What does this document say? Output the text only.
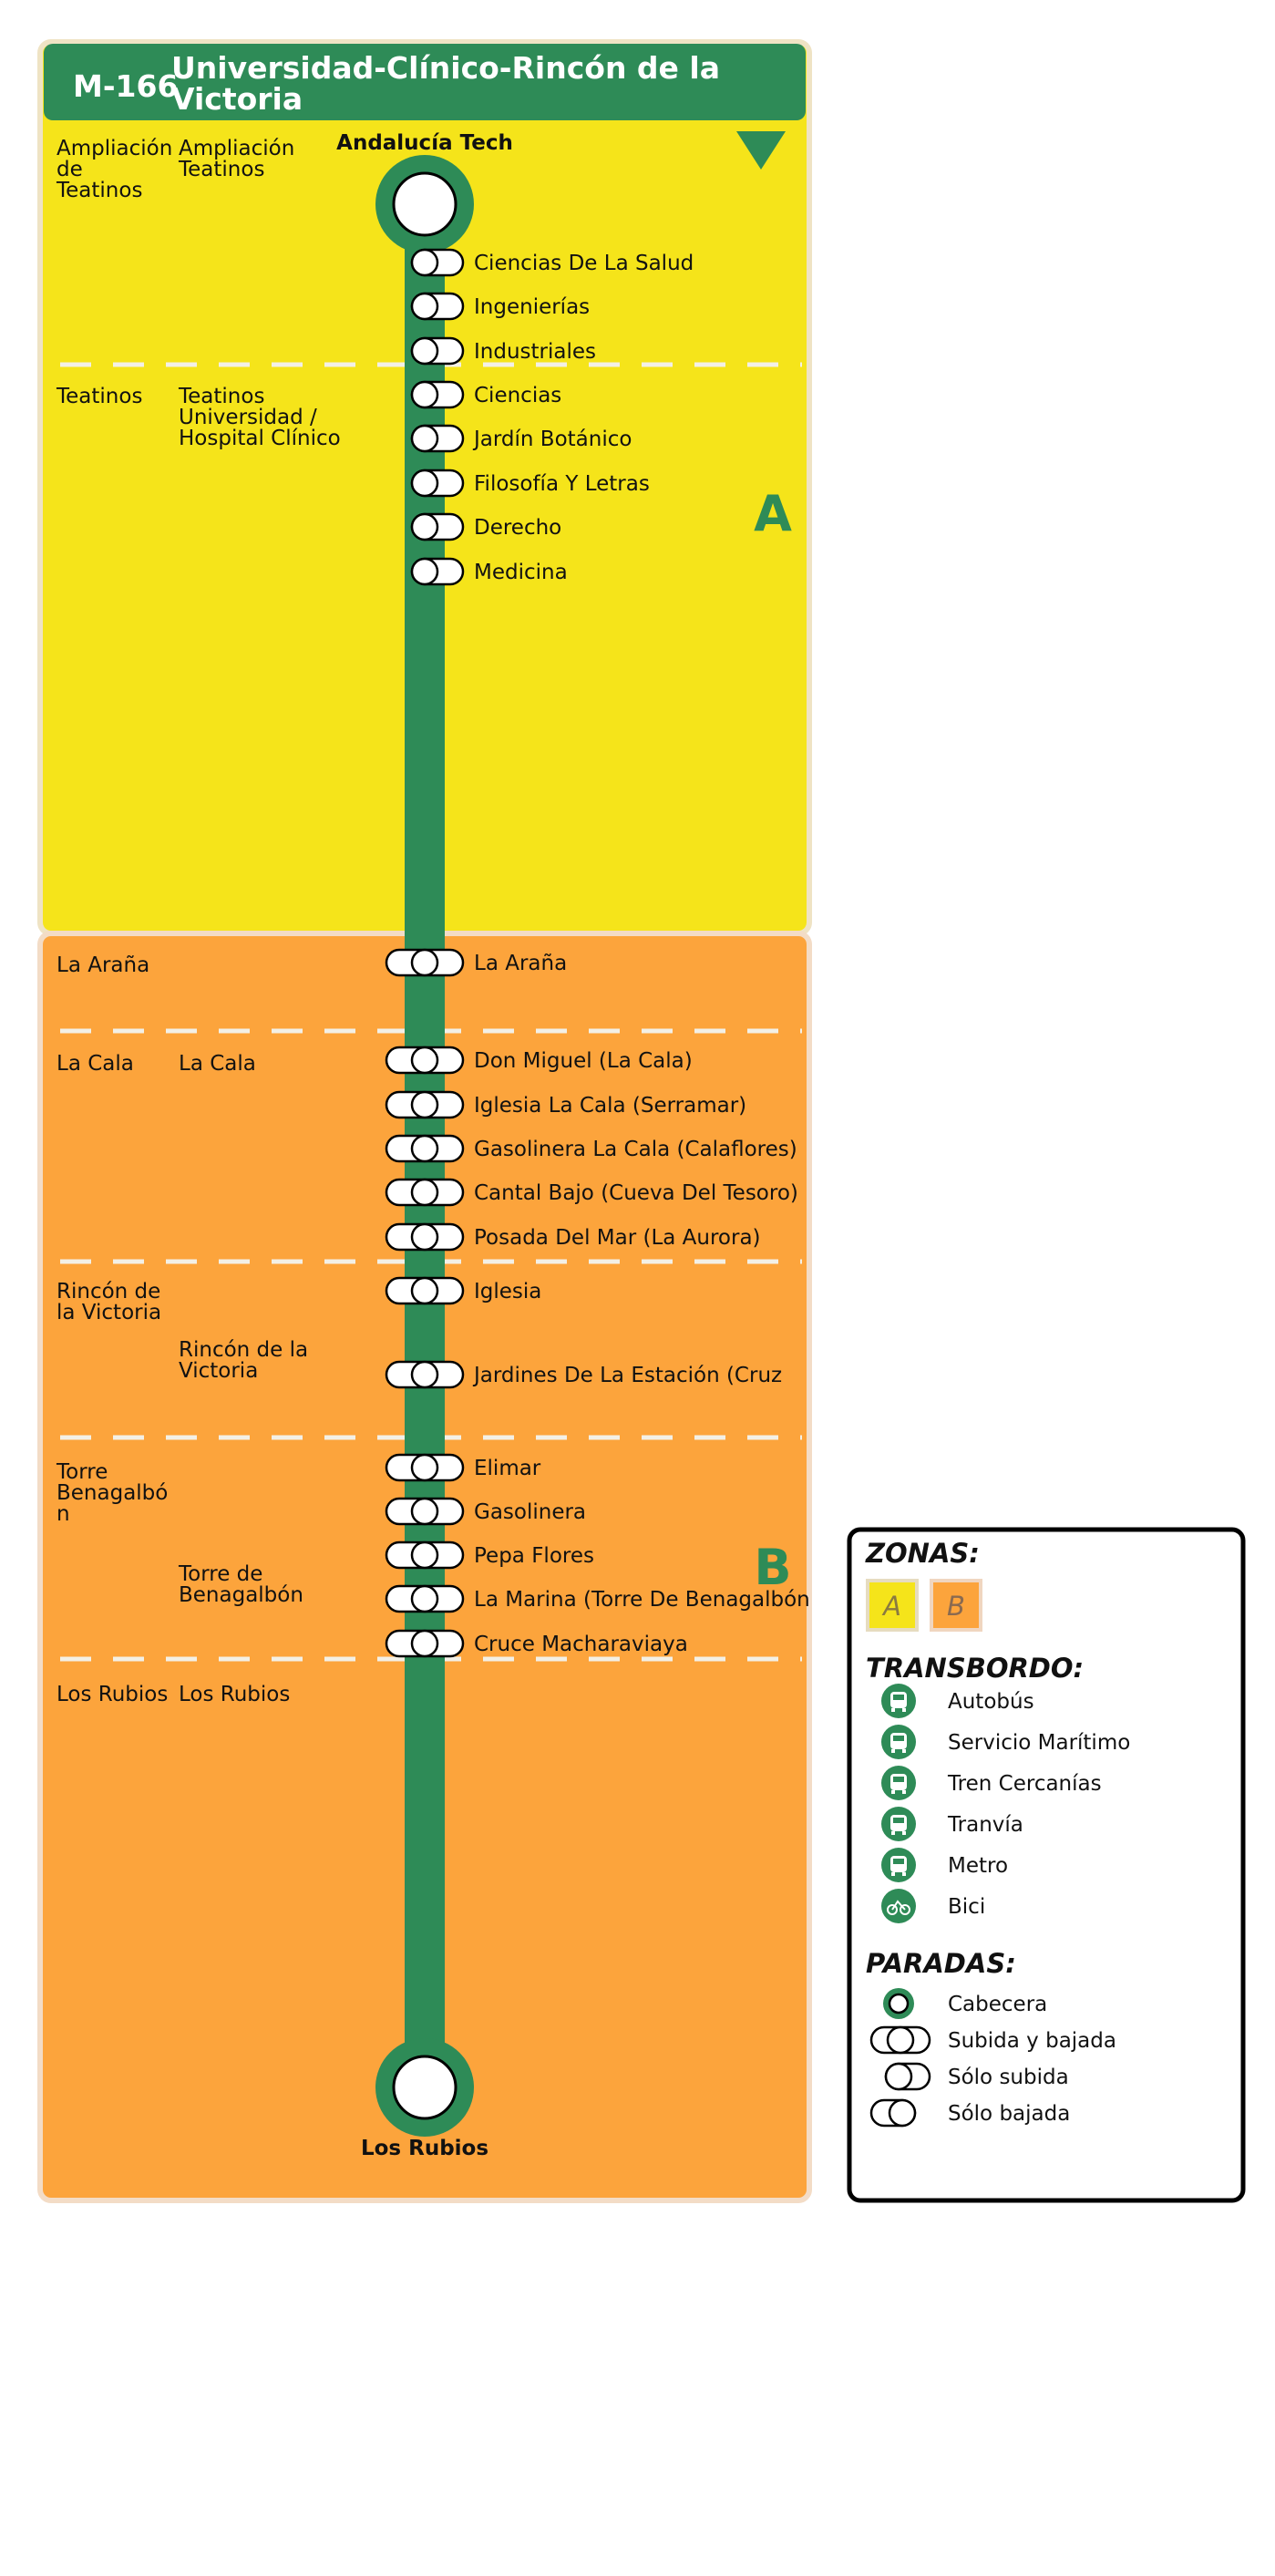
M-166
Universidad-Clínico-Rincón de la
Victoria
A
B
Andalucía Tech
Los Rubios
Ampliación
de
Teatinos
Ampliación
Teatinos
Teatinos Teatinos
Universidad /
Hospital Clínico
La Araña
La Cala La Cala
Rincón de
la Victoria
Rincón de la
Victoria
Torre
Benagalbó
n
Torre de
Benagalbón
Los Rubios Los Rubios
Ciencias De La Salud
Ingenierías
Industriales
Ciencias
Jardín Botánico
Filosofía Y Letras
Derecho
Medicina
La Araña
Don Miguel (La Cala)
Iglesia La Cala (Serramar)
Gasolinera La Cala (Calaflores)
Cantal Bajo (Cueva Del Tesoro)
Posada Del Mar (La Aurora)
Iglesia
Jardines De La Estación (Cruz
Elimar
Gasolinera
Pepa Flores
La Marina (Torre De Benagalbón
Cruce Macharaviaya
ZONAS:
A B
TRANSBORDO:
Autobús
Servicio Marítimo
Tren Cercanías
Tranvía
Metro
Bici
PARADAS:
Cabecera
Subida y bajada
Sólo subida
Sólo bajada
